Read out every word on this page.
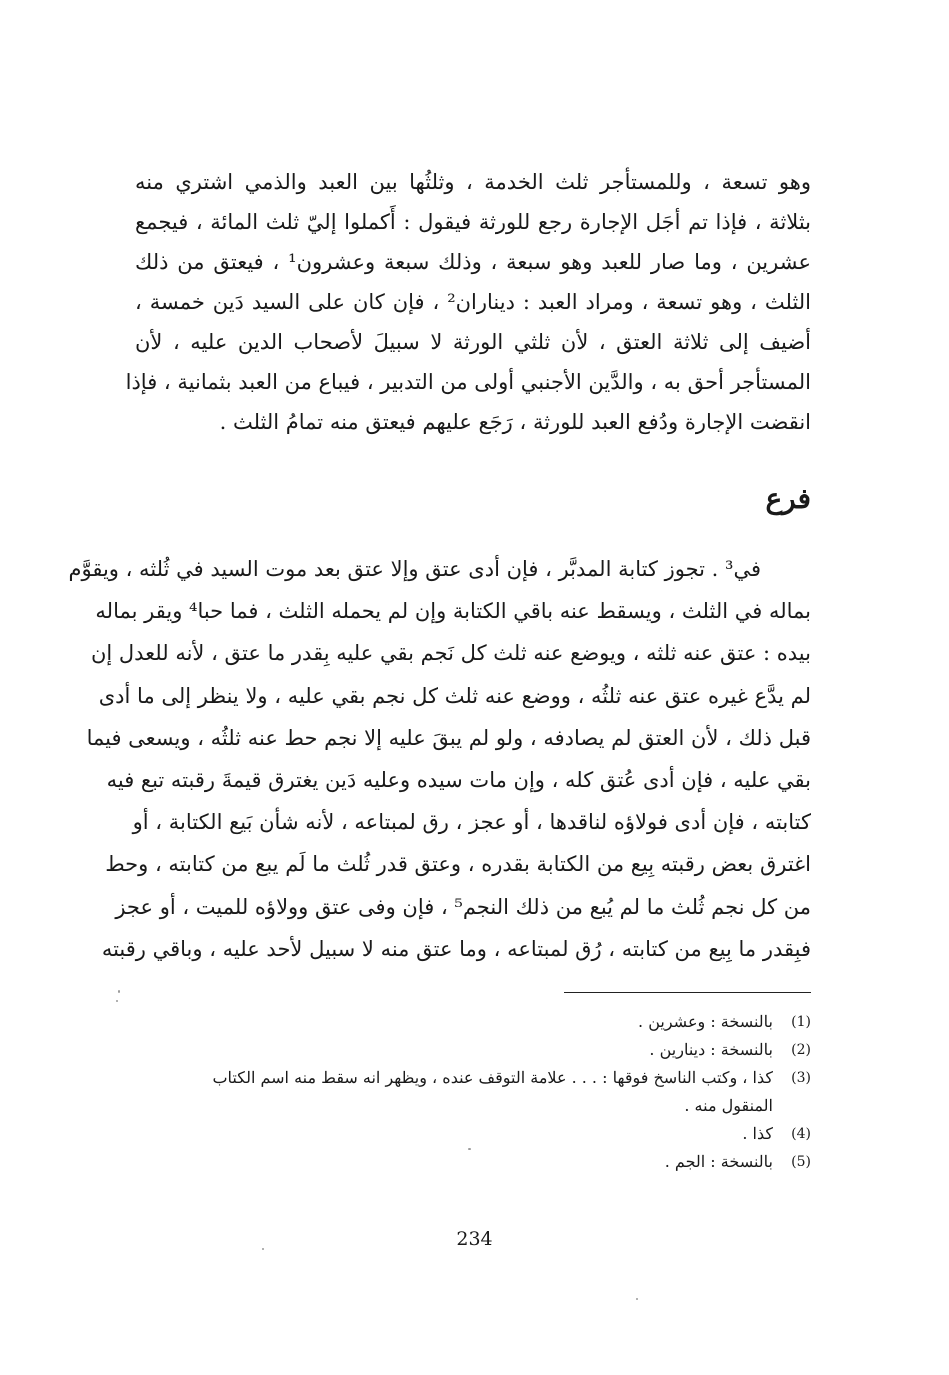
وهو تسعة ، وللمستأجر ثلث الخدمة ، وثلثُها بين العبد والذمي اشتري منه
بثلاثة ، فإذا تم أجَل الإجارة رجع للورثة فيقول : أَكملوا إليّ ثلث المائة ، فيجمع
عشرين ، وما صار للعبد وهو سبعة ، وذلك سبعة وعشرون¹ ، فيعتق من ذلك
الثلث ، وهو تسعة ، ومراد العبد : ديناران² ، فإن كان على السيد دَين خمسة ،
أضيف إلى ثلاثة العتق ، لأن ثلثي الورثة لا سبيلَ لأصحاب الدين عليه ، لأن
المستأجر أحق به ، والدَّين الأجنبي أولى من التدبير ، فيباع من العبد بثمانية ، فإذا
انقضت الإجارة ودُفع العبد للورثة ، رَجَع عليهم فيعتق منه تمامُ الثلث .
فرع
في³ . تجوز كتابة المدبَّر ، فإن أدى عتق وإلا عتق بعد موت السيد في ثُلثه ، ويقوَّم
بماله في الثلث ، ويسقط عنه باقي الكتابة وإن لم يحمله الثلث ، فما حبا⁴ ويقر بماله
بيده : عتق عنه ثلثه ، ويوضع عنه ثلث كل نَجم بقي عليه بِقدر ما عتق ، لأنه للعدل إن
لم يدَّع غيره عتق عنه ثلثُه ، ووضع عنه ثلث كل نجم بقي عليه ، ولا ينظر إلى ما أدى
قبل ذلك ، لأن العتق لم يصادفه ، ولو لم يبقَ عليه إلا نجم حط عنه ثلثُه ، ويسعى فيما
بقي عليه ، فإن أدى عُتق كله ، وإن مات سيده وعليه دَين يغترق قيمةَ رقبته تبع فيه
كتابته ، فإن أدى فولاؤه لناقدها ، أو عجز ، رق لمبتاعه ، لأنه شأن بَيع الكتابة ، أو
اغترق بعض رقبته بِيع من الكتابة بقدره ، وعتق قدر ثُلث ما لَم يبع من كتابته ، وحط
من كل نجم ثُلث ما لم يُبع من ذلك النجم⁵ ، فإن وفى عتق وولاؤه للميت ، أو عجز
فبِقدر ما بِيع من كتابته ، رُق لمبتاعه ، وما عتق منه لا سبيل لأحد عليه ، وباقي رقبته
(1)
بالنسخة : وعشرين .
(2)
بالنسخة : دينارين .
(3)
كذا ، وكتب الناسخ فوقها : . . . علامة التوقف عنده ، ويظهر انه سقط منه اسم الكتاب
المنقول منه .
(4)
كذا .
(5)
بالنسخة : الجم .
234
